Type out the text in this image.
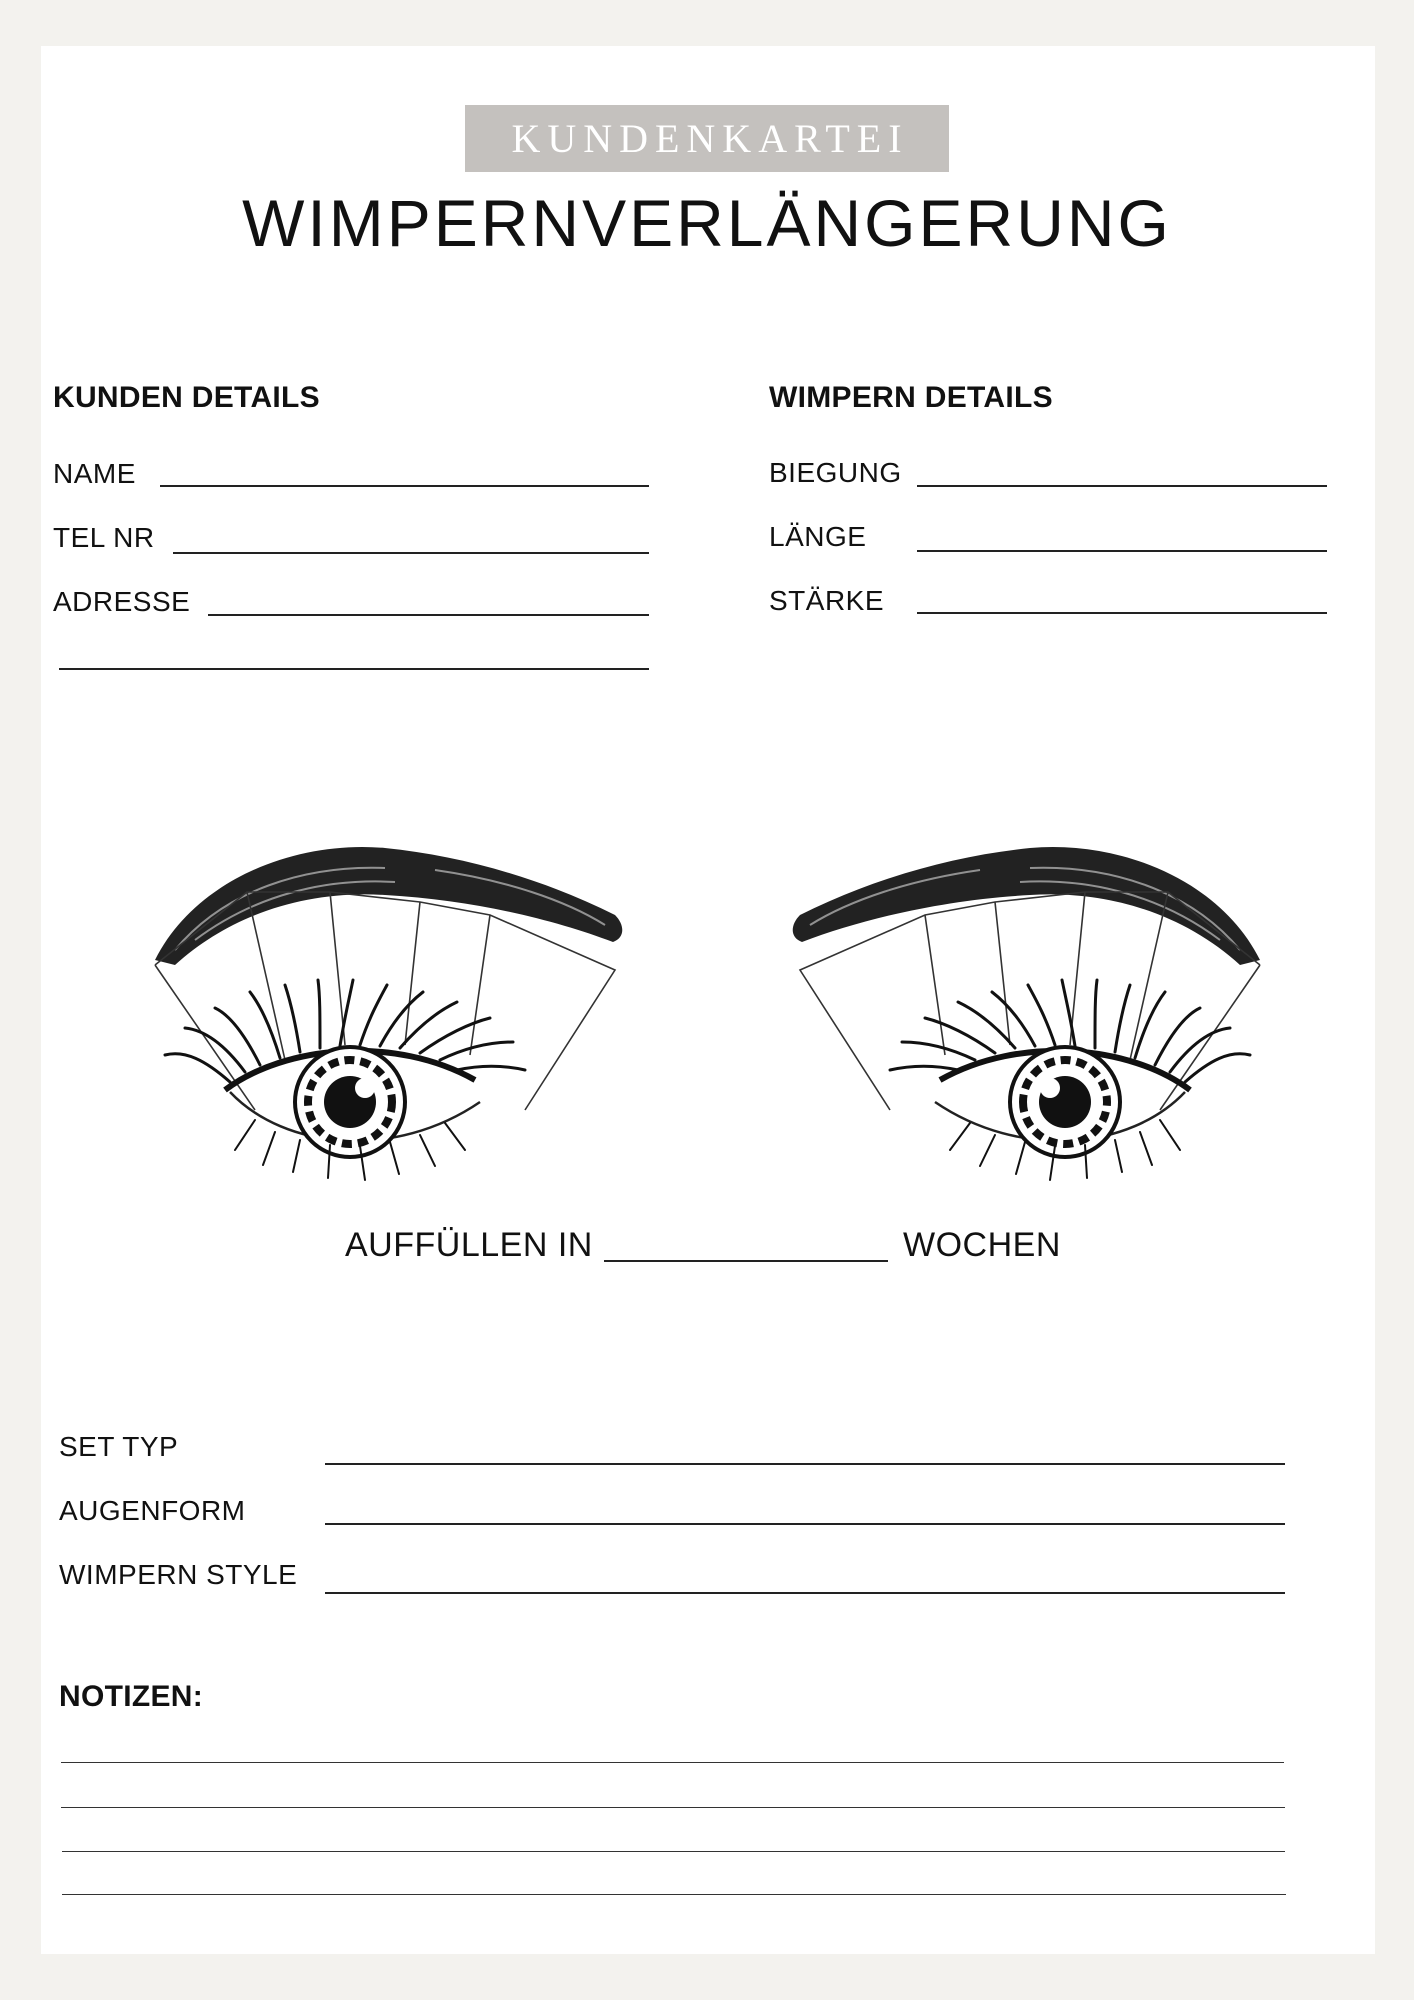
KUNDENKARTEI
WIMPERNVERLÄNGERUNG
KUNDEN DETAILS
NAME
TEL NR
ADRESSE
WIMPERN DETAILS
BIEGUNG
LÄNGE
STÄRKE
AUFFÜLLEN IN	WOCHEN
SET TYP
AUGENFORM
WIMPERN STYLE
NOTIZEN:
